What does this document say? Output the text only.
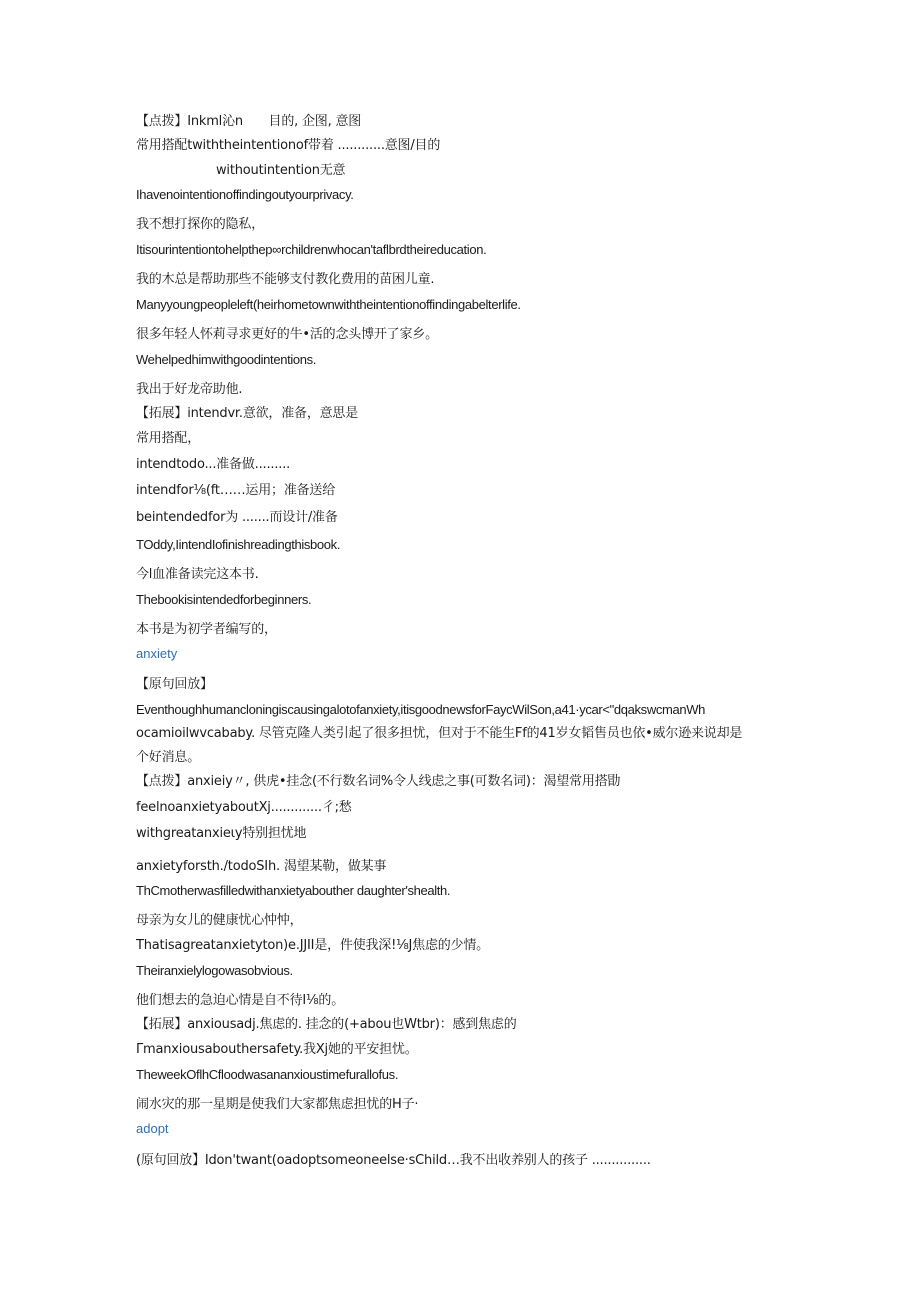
【点拨】Inkml沁n　　目的, 企图, 意图
常用搭配twiththeintentionof带着 ............意图/目的
withoutintention无意
Ihavenointentionoffindingoutyourprivacy.
我不想打探你的隐私，
Itisourintentiontohelpthep∞rchildrenwhocan'taflbrdtheireducation.
我的木总是帮助那些不能够支付教化费用的苗困儿童.
Manyyoungpeopleleft(heirhometownwiththeintentionoffindingabelterlife.
很多年轻人怀莉寻求更好的牛•活的念头博开了家乡。
Wehelpedhimwithgoodintentions.
我出于好龙帝助他.
【拓展】intendvr.意欲，准备，意思是
常用搭配，
intendtodo...准备做.........
intendfor⅛(ft……运用；准备送给
beintendedfor为 .......而设计/准备
TOddy,IintendIofinishreadingthisbook.
今l血准备读完这本书.
Thebookisintendedforbeginners.
本书是为初学者编写的，
anxiety
【原句回放】
Eventhoughhumancloningiscausingalotofanxiety,itisgoodnewsforFaycWilSon,a41·ycar<"dqakswcmanWh
ocamioilwvcababy. 尽管克隆人类引起了很多担忧，但对于不能生Ff的41岁女韬售员也依•威尔逊来说却是
个好消息。
【点拨】anxieiy〃, 供虎•挂念(不行数名词%令人线虑之事(可数名词)：渴望常用搭勖
feelnoanxietyaboutXj.............彳;愁
withgreatanxieιy特别担忧地
anxietyforsth./todoSIh. 渴望某勒，做某事
ThCmotherwasfilledwithanxietyabouther daughter'shealth.
母亲为女儿的健康忧心忡忡，
Thatisagreatanxietyton)e.JJII是，件使我深!⅛J焦虑的少情。
Theiranxielylogowasobvious.
他们想去的急迫心情是自不待I⅛的。
【拓展】anxiousadj.焦虑的. 挂念的(+abou也Wtbr)：感到焦虑的
Γmanxiousabouthersafety.我Xj她的平安担忧。
TheweekOflhCfloodwasananxioustimefurallofus.
闹水灾的那一星期是使我们大家都焦虑担忧的H子·
adopt
(原句回放】Idon'twant(oadoptsomeoneelse·sChild…我不出收养别人的孩子 ...............
